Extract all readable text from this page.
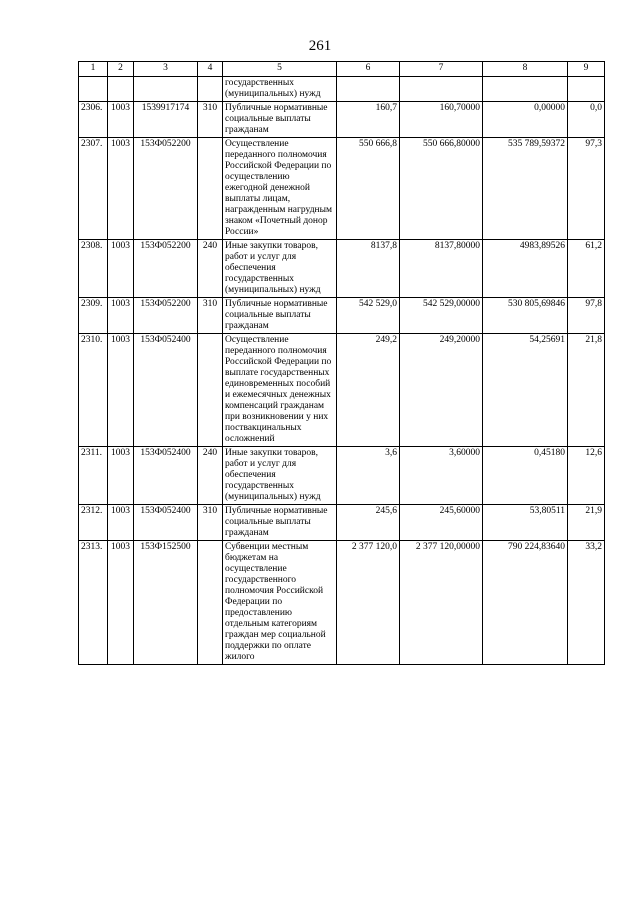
261
1	2	3	4	5	6	7	8	9
				государственных (муниципальных) нужд				
2306.	1003	1539917174	310	Публичные нормативные социальные выплаты гражданам	160,7	160,70000	0,00000	0,0
2307.	1003	153Ф052200		Осуществление переданного полномочия Российской Федерации по осуществлению ежегодной денежной выплаты лицам, награжденным нагрудным знаком «Почетный донор России»	550 666,8	550 666,80000	535 789,59372	97,3
2308.	1003	153Ф052200	240	Иные закупки товаров, работ и услуг для обеспечения государственных (муниципальных) нужд	8137,8	8137,80000	4983,89526	61,2
2309.	1003	153Ф052200	310	Публичные нормативные социальные выплаты гражданам	542 529,0	542 529,00000	530 805,69846	97,8
2310.	1003	153Ф052400		Осуществление переданного полномочия Российской Федерации по выплате государственных единовременных пособий и ежемесячных денежных компенсаций гражданам при возникновении у них поствакцинальных осложнений	249,2	249,20000	54,25691	21,8
2311.	1003	153Ф052400	240	Иные закупки товаров, работ и услуг для обеспечения государственных (муниципальных) нужд	3,6	3,60000	0,45180	12,6
2312.	1003	153Ф052400	310	Публичные нормативные социальные выплаты гражданам	245,6	245,60000	53,80511	21,9
2313.	1003	153Ф152500		Субвенции местным бюджетам на осуществление государственного полномочия Российской Федерации по предоставлению отдельным категориям граждан мер социальной поддержки по оплате жилого	2 377 120,0	2 377 120,00000	790 224,83640	33,2
